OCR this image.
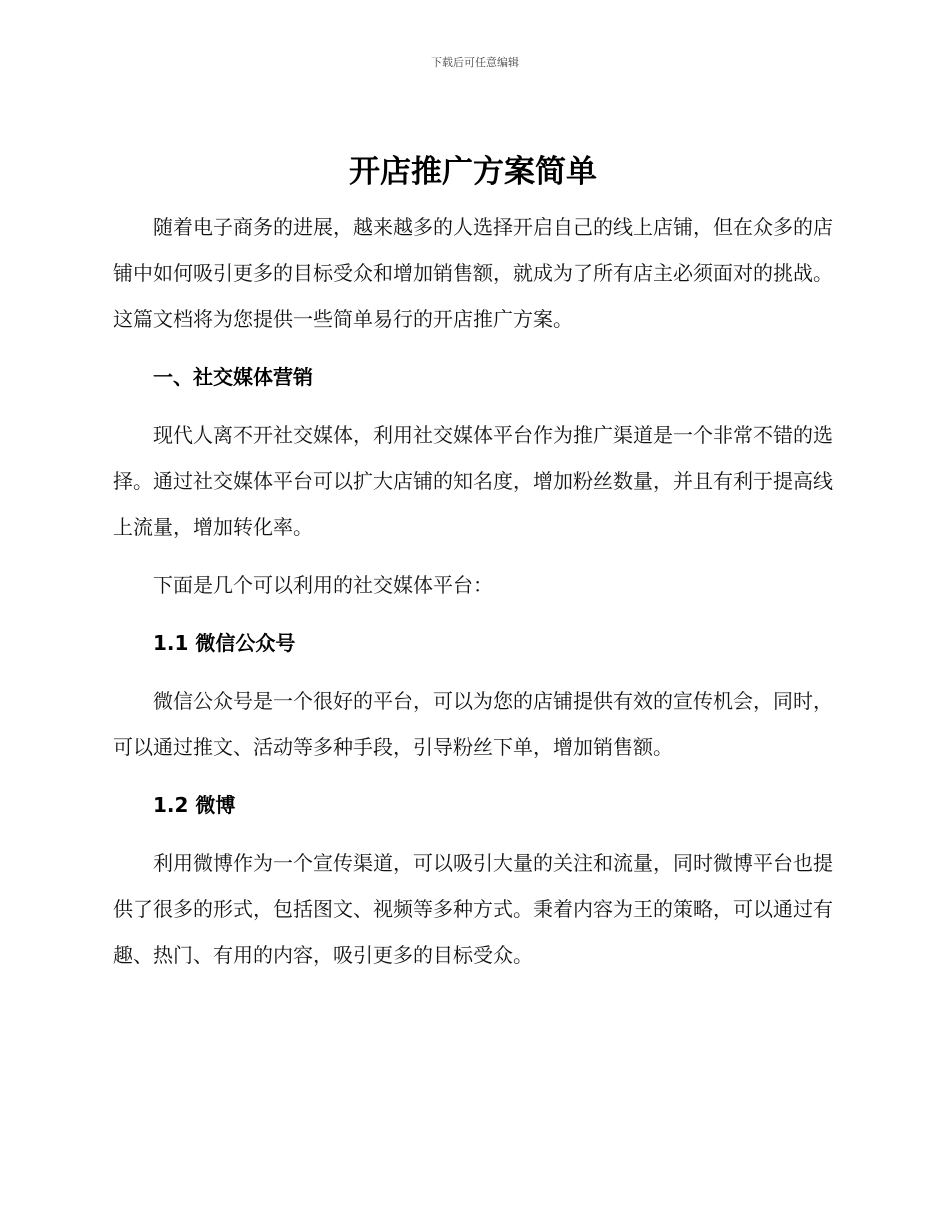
下载后可任意编辑
开店推广方案简单

随着电子商务的进展，越来越多的人选择开启自己的线上店铺，但在众多的店铺中如何吸引更多的目标受众和增加销售额，就成为了所有店主必须面对的挑战。这篇文档将为您提供一些简单易行的开店推广方案。

一、社交媒体营销

现代人离不开社交媒体，利用社交媒体平台作为推广渠道是一个非常不错的选择。通过社交媒体平台可以扩大店铺的知名度，增加粉丝数量，并且有利于提高线上流量，增加转化率。

下面是几个可以利用的社交媒体平台：

1.1 微信公众号

微信公众号是一个很好的平台，可以为您的店铺提供有效的宣传机会，同时，可以通过推文、活动等多种手段，引导粉丝下单，增加销售额。

1.2 微博

利用微博作为一个宣传渠道，可以吸引大量的关注和流量，同时微博平台也提供了很多的形式，包括图文、视频等多种方式。秉着内容为王的策略，可以通过有趣、热门、有用的内容，吸引更多的目标受众。
